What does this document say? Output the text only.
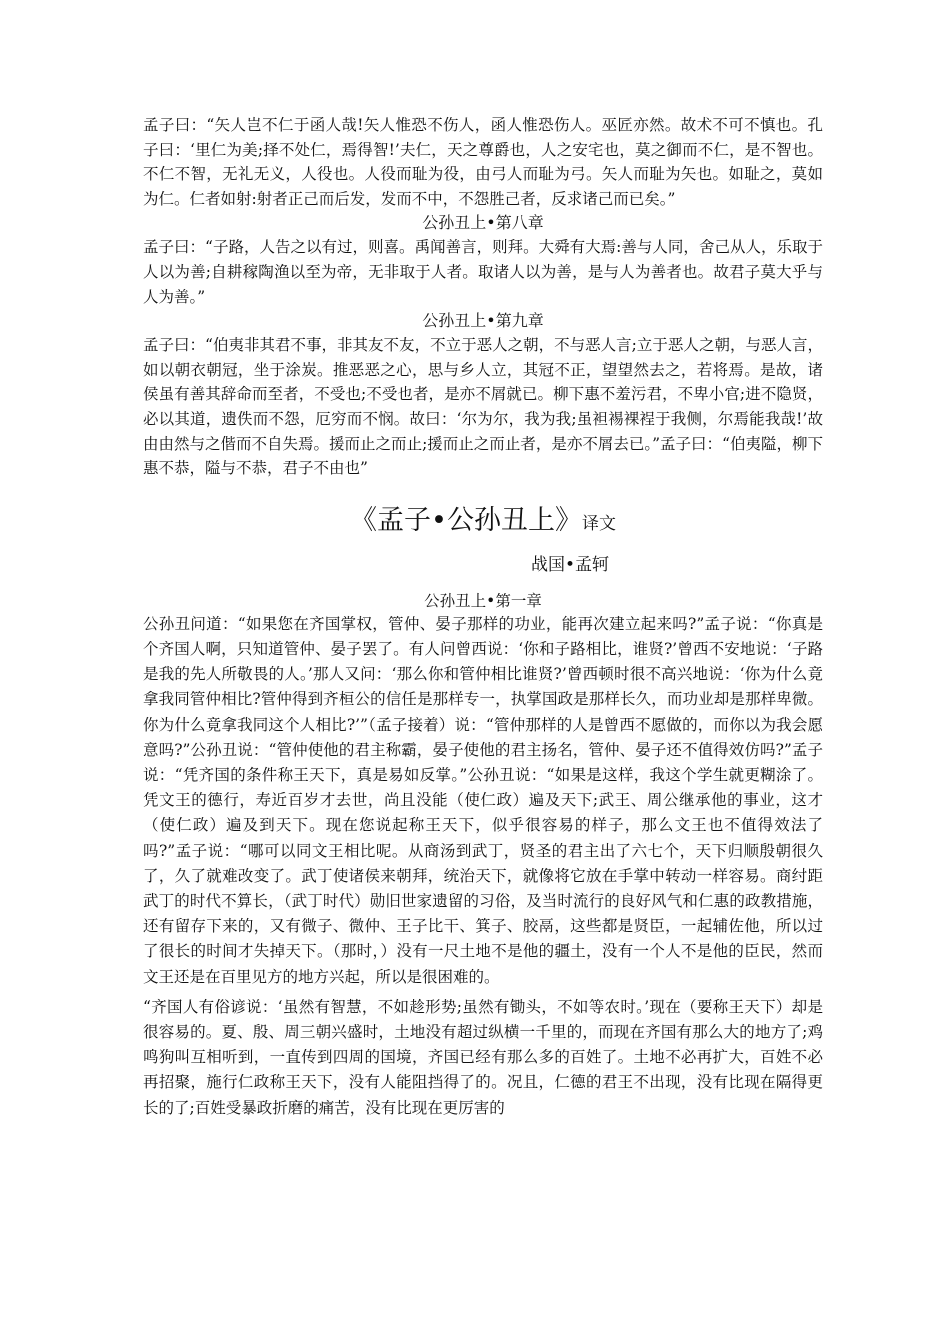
孟子曰：“矢人岂不仁于函人哉!矢人惟恐不伤人，函人惟恐伤人。巫匠亦然。故术不可不慎也。孔子曰：‘里仁为美;择不处仁，焉得智!’夫仁，天之尊爵也，人之安宅也，莫之御而不仁，是不智也。不仁不智，无礼无义，人役也。人役而耻为役，由弓人而耻为弓。矢人而耻为矢也。如耻之，莫如为仁。仁者如射:射者正己而后发，发而不中，不怨胜己者，反求诸己而已矣。”

公孙丑上•第八章

孟子曰：“子路，人告之以有过，则喜。禹闻善言，则拜。大舜有大焉:善与人同，舍己从人，乐取于人以为善;自耕稼陶渔以至为帝，无非取于人者。取诸人以为善，是与人为善者也。故君子莫大乎与人为善。”

公孙丑上•第九章

孟子曰：“伯夷非其君不事，非其友不友，不立于恶人之朝，不与恶人言;立于恶人之朝，与恶人言，如以朝衣朝冠，坐于涂炭。推恶恶之心，思与乡人立，其冠不正，望望然去之，若将焉。是故，诸侯虽有善其辞命而至者，不受也;不受也者，是亦不屑就已。柳下惠不羞污君，不卑小官;进不隐贤，必以其道，遗佚而不怨，厄穷而不悯。故曰：‘尔为尔，我为我;虽袒裼裸裎于我侧，尔焉能我哉!’故由由然与之偕而不自失焉。援而止之而止;援而止之而止者，是亦不屑去已。”孟子曰：“伯夷隘，柳下惠不恭，隘与不恭，君子不由也”

《孟子•公孙丑上》译文
战国•孟轲

公孙丑上•第一章

公孙丑问道：“如果您在齐国掌权，管仲、晏子那样的功业，能再次建立起来吗?”孟子说：“你真是个齐国人啊，只知道管仲、晏子罢了。有人问曾西说：‘你和子路相比，谁贤?’曾西不安地说：‘子路是我的先人所敬畏的人。’那人又问：‘那么你和管仲相比谁贤?’曾西顿时很不高兴地说：‘你为什么竟拿我同管仲相比?管仲得到齐桓公的信任是那样专一，执掌国政是那样长久，而功业却是那样卑微。你为什么竟拿我同这个人相比?’”（孟子接着）说：“管仲那样的人是曾西不愿做的，而你以为我会愿意吗?”公孙丑说：“管仲使他的君主称霸，晏子使他的君主扬名，管仲、晏子还不值得效仿吗?”孟子说：“凭齐国的条件称王天下，真是易如反掌。”公孙丑说：“如果是这样，我这个学生就更糊涂了。凭文王的德行，寿近百岁才去世，尚且没能（使仁政）遍及天下;武王、周公继承他的事业，这才（使仁政）遍及到天下。现在您说起称王天下，似乎很容易的样子，那么文王也不值得效法了吗?”孟子说：“哪可以同文王相比呢。从商汤到武丁，贤圣的君主出了六七个，天下归顺殷朝很久了，久了就难改变了。武丁使诸侯来朝拜，统治天下，就像将它放在手掌中转动一样容易。商纣距武丁的时代不算长，（武丁时代）勋旧世家遗留的习俗，及当时流行的良好风气和仁惠的政教措施，还有留存下来的，又有微子、微仲、王子比干、箕子、胶鬲，这些都是贤臣，一起辅佐他，所以过了很长的时间才失掉天下。（那时，）没有一尺土地不是他的疆土，没有一个人不是他的臣民，然而文王还是在百里见方的地方兴起，所以是很困难的。

“齐国人有俗谚说：‘虽然有智慧，不如趁形势;虽然有锄头，不如等农时。’现在（要称王天下）却是很容易的。夏、殷、周三朝兴盛时，土地没有超过纵横一千里的，而现在齐国有那么大的地方了;鸡鸣狗叫互相听到，一直传到四周的国境，齐国已经有那么多的百姓了。土地不必再扩大，百姓不必再招聚，施行仁政称王天下，没有人能阻挡得了的。况且，仁德的君王不出现，没有比现在隔得更长的了;百姓受暴政折磨的痛苦，没有比现在更厉害的
